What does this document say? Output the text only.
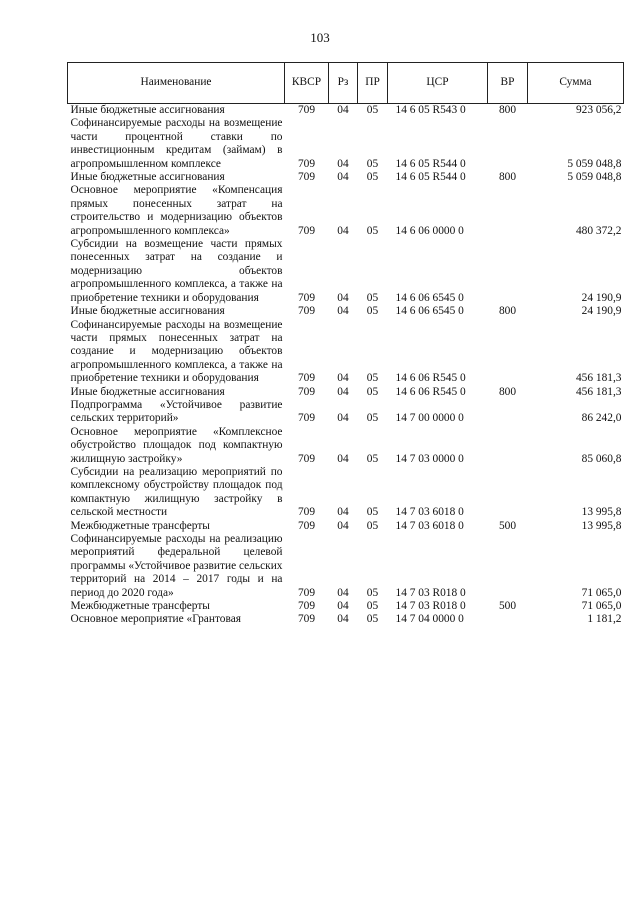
103
Наименование	КВСР	Рз	ПР	ЦСР	ВР	Сумма
Иные бюджетные ассигнования	709	04	05	14 6 05 R543 0	800	923 056,2
Софинансируемые расходы на возмещение части процентной ставки по инвестиционным кредитам (займам) в агропромышленном комплексе	709	04	05	14 6 05 R544 0		5 059 048,8
Иные бюджетные ассигнования	709	04	05	14 6 05 R544 0	800	5 059 048,8
Основное мероприятие «Компенсация прямых понесенных затрат на строительство и модернизацию объектов агропромышленного комплекса»	709	04	05	14 6 06 0000 0		480 372,2
Субсидии на возмещение части прямых понесенных затрат на создание и модернизацию объектов агропромышленного комплекса, а также на приобретение техники и оборудования	709	04	05	14 6 06 6545 0		24 190,9
Иные бюджетные ассигнования	709	04	05	14 6 06 6545 0	800	24 190,9
Софинансируемые расходы на возмещение части прямых понесенных затрат на создание и модернизацию объектов агропромышленного комплекса, а также на приобретение техники и оборудования	709	04	05	14 6 06 R545 0		456 181,3
Иные бюджетные ассигнования	709	04	05	14 6 06 R545 0	800	456 181,3
Подпрограмма «Устойчивое развитие сельских территорий»	709	04	05	14 7 00 0000 0		86 242,0
Основное мероприятие «Комплексное обустройство площадок под компактную жилищную застройку»	709	04	05	14 7 03 0000 0		85 060,8
Субсидии на реализацию мероприятий по комплексному обустройству площадок под компактную жилищную застройку в сельской местности	709	04	05	14 7 03 6018 0		13 995,8
Межбюджетные трансферты	709	04	05	14 7 03 6018 0	500	13 995,8
Софинансируемые расходы на реализацию мероприятий федеральной целевой программы «Устойчивое развитие сельских территорий на 2014 – 2017 годы и на период до 2020 года»	709	04	05	14 7 03 R018 0		71 065,0
Межбюджетные трансферты	709	04	05	14 7 03 R018 0	500	71 065,0
Основное мероприятие «Грантовая	709	04	05	14 7 04 0000 0		1 181,2
